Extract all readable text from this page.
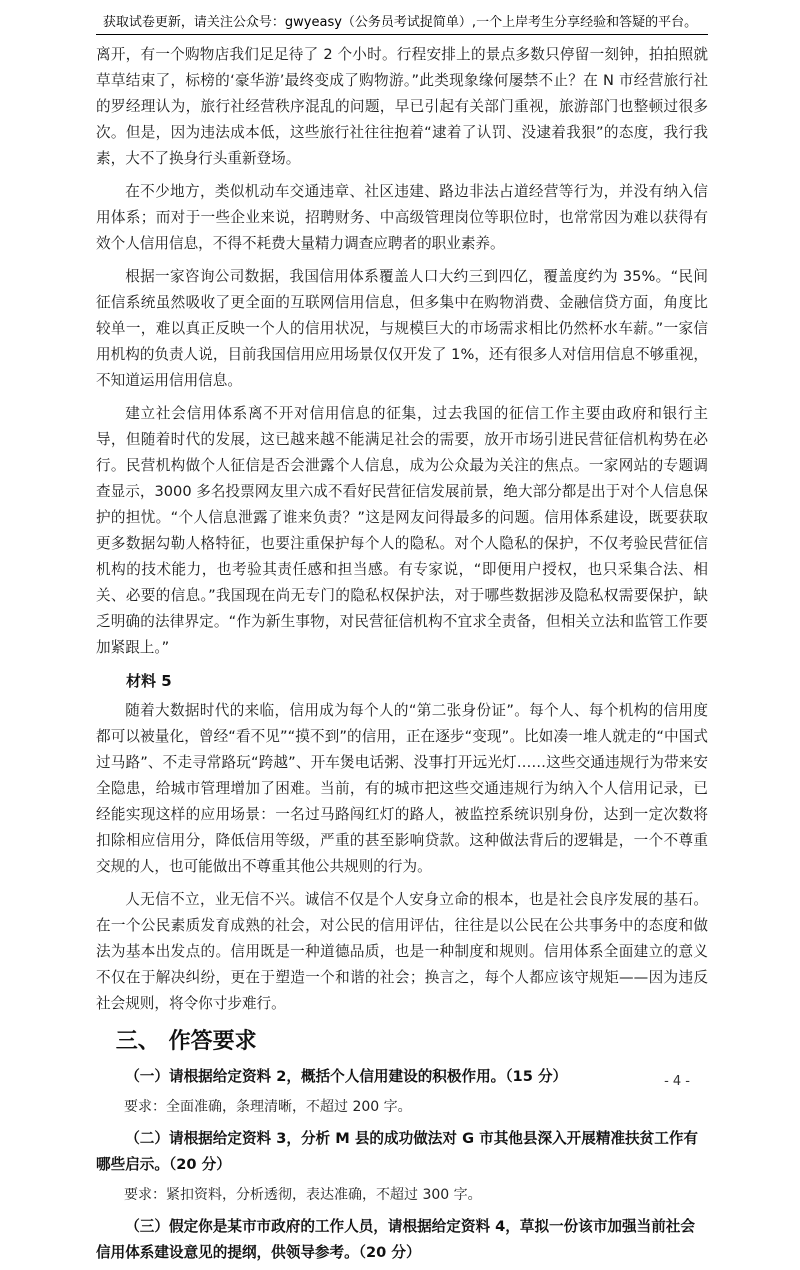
获取试卷更新，请关注公众号：gwyeasy（公务员考试捉简单）,一个上岸考生分享经验和答疑的平台。

离开，有一个购物店我们足足待了 2 个小时。行程安排上的景点多数只停留一刻钟，拍拍照就草草结束了，标榜的‘豪华游’最终变成了购物游。”此类现象缘何屡禁不止？在 N 市经营旅行社的罗经理认为，旅行社经营秩序混乱的问题，早已引起有关部门重视，旅游部门也整顿过很多次。但是，因为违法成本低，这些旅行社往往抱着“逮着了认罚、没逮着我狠”的态度，我行我素，大不了换身行头重新登场。

在不少地方，类似机动车交通违章、社区违建、路边非法占道经营等行为，并没有纳入信用体系；而对于一些企业来说，招聘财务、中高级管理岗位等职位时，也常常因为难以获得有效个人信用信息，不得不耗费大量精力调查应聘者的职业素养。

根据一家咨询公司数据，我国信用体系覆盖人口大约三到四亿，覆盖度约为 35%。“民间征信系统虽然吸收了更全面的互联网信用信息，但多集中在购物消费、金融信贷方面，角度比较单一，难以真正反映一个人的信用状况，与规模巨大的市场需求相比仍然杯水车薪。”一家信用机构的负责人说，目前我国信用应用场景仅仅开发了 1%，还有很多人对信用信息不够重视，不知道运用信用信息。

建立社会信用体系离不开对信用信息的征集，过去我国的征信工作主要由政府和银行主导，但随着时代的发展，这已越来越不能满足社会的需要，放开市场引进民营征信机构势在必行。民营机构做个人征信是否会泄露个人信息，成为公众最为关注的焦点。一家网站的专题调查显示，3000 多名投票网友里六成不看好民营征信发展前景，绝大部分都是出于对个人信息保护的担忧。“个人信息泄露了谁来负责？”这是网友问得最多的问题。信用体系建设，既要获取更多数据勾勒人格特征，也要注重保护每个人的隐私。对个人隐私的保护，不仅考验民营征信机构的技术能力，也考验其责任感和担当感。有专家说，“即便用户授权，也只采集合法、相关、必要的信息。”我国现在尚无专门的隐私权保护法，对于哪些数据涉及隐私权需要保护，缺乏明确的法律界定。“作为新生事物，对民营征信机构不宜求全责备，但相关立法和监管工作要加紧跟上。”

材料 5

随着大数据时代的来临，信用成为每个人的“第二张身份证”。每个人、每个机构的信用度都可以被量化，曾经“看不见”“摸不到”的信用，正在逐步“变现”。比如凑一堆人就走的“中国式过马路”、不走寻常路玩“跨越”、开车煲电话粥、没事打开远光灯……这些交通违规行为带来安全隐患，给城市管理增加了困难。当前，有的城市把这些交通违规行为纳入个人信用记录，已经能实现这样的应用场景：一名过马路闯红灯的路人，被监控系统识别身份，达到一定次数将扣除相应信用分，降低信用等级，严重的甚至影响贷款。这种做法背后的逻辑是，一个不尊重交规的人，也可能做出不尊重其他公共规则的行为。

人无信不立，业无信不兴。诚信不仅是个人安身立命的根本，也是社会良序发展的基石。在一个公民素质发育成熟的社会，对公民的信用评估，往往是以公民在公共事务中的态度和做法为基本出发点的。信用既是一种道德品质，也是一种制度和规则。信用体系全面建立的意义不仅在于解决纠纷，更在于塑造一个和谐的社会；换言之，每个人都应该守规矩——因为违反社会规则，将令你寸步难行。

三、 作答要求
（一）请根据给定资料 2，概括个人信用建设的积极作用。（15 分）
要求：全面准确，条理清晰，不超过 200 字。
（二）请根据给定资料 3，分析 M 县的成功做法对 G 市其他县深入开展精准扶贫工作有哪些启示。（20 分）
要求：紧扣资料，分析透彻，表达准确，不超过 300 字。
（三）假定你是某市市政府的工作人员，请根据给定资料 4，草拟一份该市加强当前社会信用体系建设意见的提纲，供领导参考。（20 分）
- 4 -
